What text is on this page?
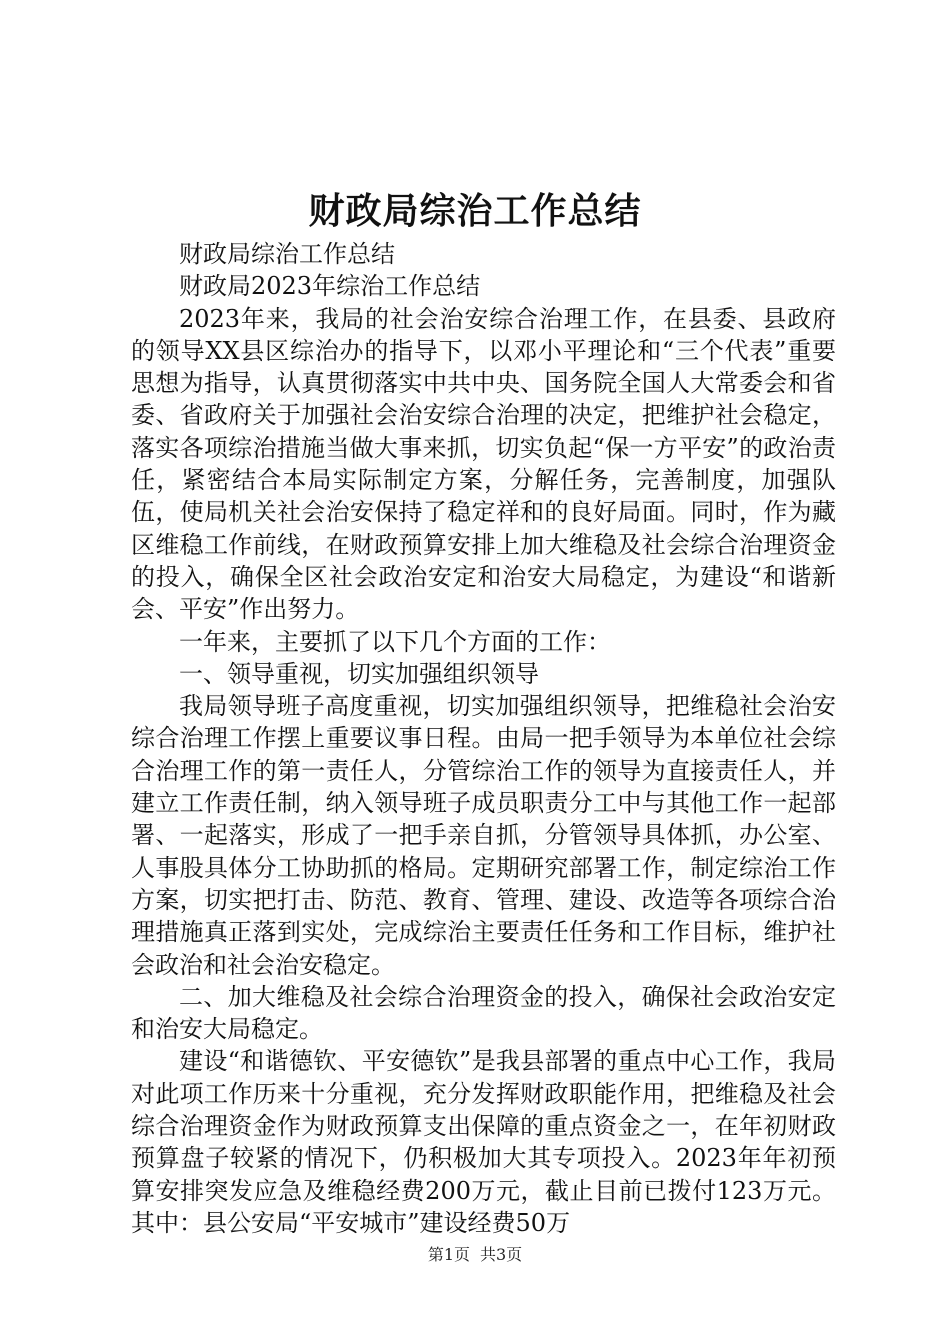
财政局综治工作总结

财政局综治工作总结

财政局2023年综治工作总结

2023年来，我局的社会治安综合治理工作，在县委、县政府的领导XX县区综治办的指导下，以邓小平理论和“三个代表”重要思想为指导，认真贯彻落实中共中央、国务院全国人大常委会和省委、省政府关于加强社会治安综合治理的决定，把维护社会稳定，落实各项综治措施当做大事来抓，切实负起“保一方平安”的政治责任，紧密结合本局实际制定方案，分解任务，完善制度，加强队伍，使局机关社会治安保持了稳定祥和的良好局面。同时，作为藏区维稳工作前线，在财政预算安排上加大维稳及社会综合治理资金的投入，确保全区社会政治安定和治安大局稳定，为建设“和谐新会、平安”作出努力。

一年来，主要抓了以下几个方面的工作：

一、领导重视，切实加强组织领导

我局领导班子高度重视，切实加强组织领导，把维稳社会治安综合治理工作摆上重要议事日程。由局一把手领导为本单位社会综合治理工作的第一责任人，分管综治工作的领导为直接责任人，并建立工作责任制，纳入领导班子成员职责分工中与其他工作一起部署、一起落实，形成了一把手亲自抓，分管领导具体抓，办公室、人事股具体分工协助抓的格局。定期研究部署工作，制定综治工作方案，切实把打击、防范、教育、管理、建设、改造等各项综合治理措施真正落到实处，完成综治主要责任任务和工作目标，维护社会政治和社会治安稳定。

二、加大维稳及社会综合治理资金的投入，确保社会政治安定和治安大局稳定。

建设“和谐德钦、平安德钦”是我县部署的重点中心工作，我局对此项工作历来十分重视，充分发挥财政职能作用，把维稳及社会综合治理资金作为财政预算支出保障的重点资金之一，在年初财政预算盘子较紧的情况下，仍积极加大其专项投入。2023年年初预算安排突发应急及维稳经费200万元，截止目前已拨付123万元。其中：县公安局“平安城市”建设经费50万

第1页 共3页
